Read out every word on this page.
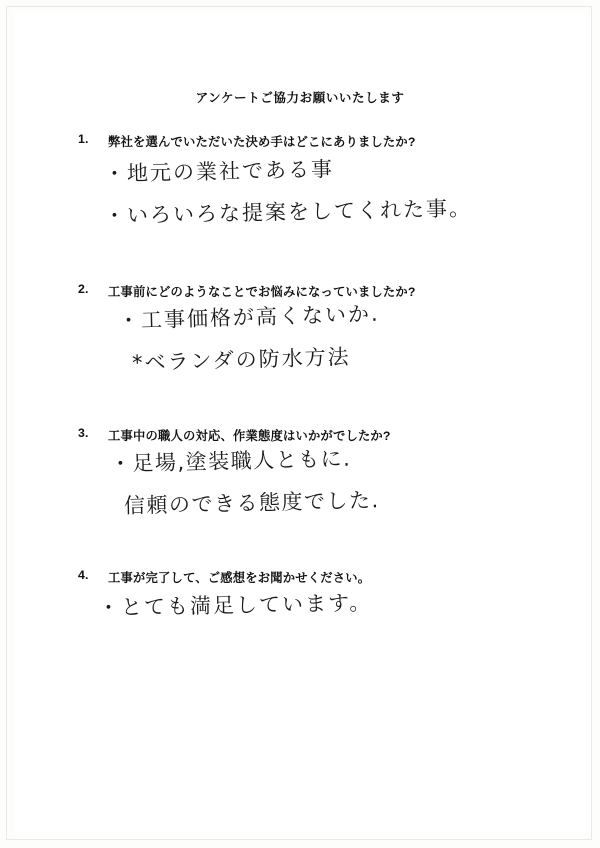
アンケートご協力お願いいたします
1.	弊社を選んでいただいた決め手はどこにありましたか?
・地元の業社である事
・いろいろな提案をしてくれた事。
2.	工事前にどのようなことでお悩みになっていましたか?
・工事価格が高くないか.
*ベランダの防水方法
3.	工事中の職人の対応、作業態度はいかがでしたか?
・足場,塗装職人ともに.
信頼のできる態度でした.
4.	工事が完了して、ご感想をお聞かせください。
・とても満足しています。
